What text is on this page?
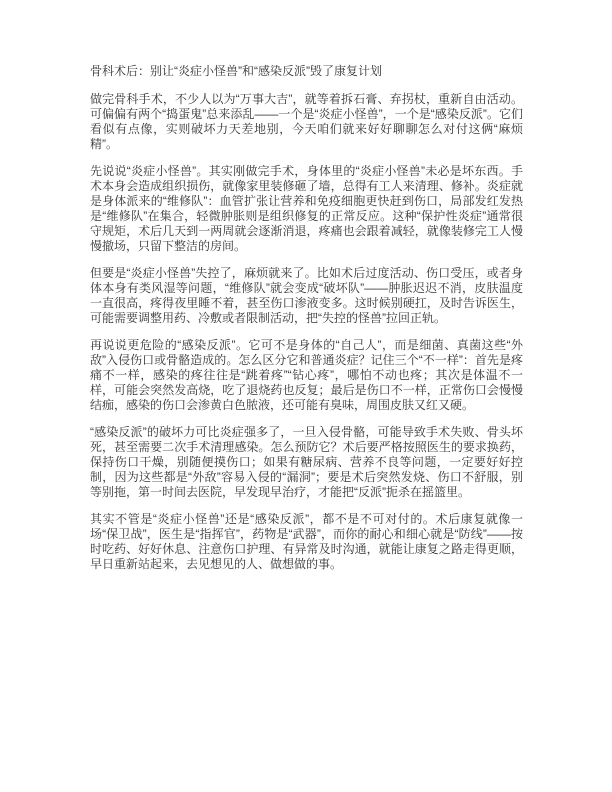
骨科术后：别让“炎症小怪兽”和“感染反派”毁了康复计划

做完骨科手术，不少人以为“万事大吉”，就等着拆石膏、弃拐杖，重新自由活动。可偏偏有两个“捣蛋鬼”总来添乱——一个是“炎症小怪兽”，一个是“感染反派”。它们看似有点像，实则破坏力天差地别，今天咱们就来好好聊聊怎么对付这俩“麻烦精”。

先说说“炎症小怪兽”。其实刚做完手术，身体里的“炎症小怪兽”未必是坏东西。手术本身会造成组织损伤，就像家里装修砸了墙，总得有工人来清理、修补。炎症就是身体派来的“维修队”：血管扩张让营养和免疫细胞更快赶到伤口，局部发红发热是“维修队”在集合，轻微肿胀则是组织修复的正常反应。这种“保护性炎症”通常很守规矩，术后几天到一两周就会逐渐消退，疼痛也会跟着减轻，就像装修完工人慢慢撤场，只留下整洁的房间。

但要是“炎症小怪兽”失控了，麻烦就来了。比如术后过度活动、伤口受压，或者身体本身有类风湿等问题，“维修队”就会变成“破坏队”——肿胀迟迟不消，皮肤温度一直很高，疼得夜里睡不着，甚至伤口渗液变多。这时候别硬扛，及时告诉医生，可能需要调整用药、冷敷或者限制活动，把“失控的怪兽”拉回正轨。

再说说更危险的“感染反派”。它可不是身体的“自己人”，而是细菌、真菌这些“外敌”入侵伤口或骨骼造成的。怎么区分它和普通炎症？记住三个“不一样”：首先是疼痛不一样，感染的疼往往是“跳着疼”“钻心疼”，哪怕不动也疼；其次是体温不一样，可能会突然发高烧，吃了退烧药也反复；最后是伤口不一样，正常伤口会慢慢结痂，感染的伤口会渗黄白色脓液，还可能有臭味，周围皮肤又红又硬。

“感染反派”的破坏力可比炎症强多了，一旦入侵骨骼，可能导致手术失败、骨头坏死，甚至需要二次手术清理感染。怎么预防它？术后要严格按照医生的要求换药，保持伤口干燥，别随便摸伤口；如果有糖尿病、营养不良等问题，一定要好好控制，因为这些都是“外敌”容易入侵的“漏洞”；要是术后突然发烧、伤口不舒服，别等别拖，第一时间去医院，早发现早治疗，才能把“反派”扼杀在摇篮里。

其实不管是“炎症小怪兽”还是“感染反派”，都不是不可对付的。术后康复就像一场“保卫战”，医生是“指挥官”，药物是“武器”，而你的耐心和细心就是“防线”——按时吃药、好好休息、注意伤口护理、有异常及时沟通，就能让康复之路走得更顺，早日重新站起来，去见想见的人、做想做的事。
